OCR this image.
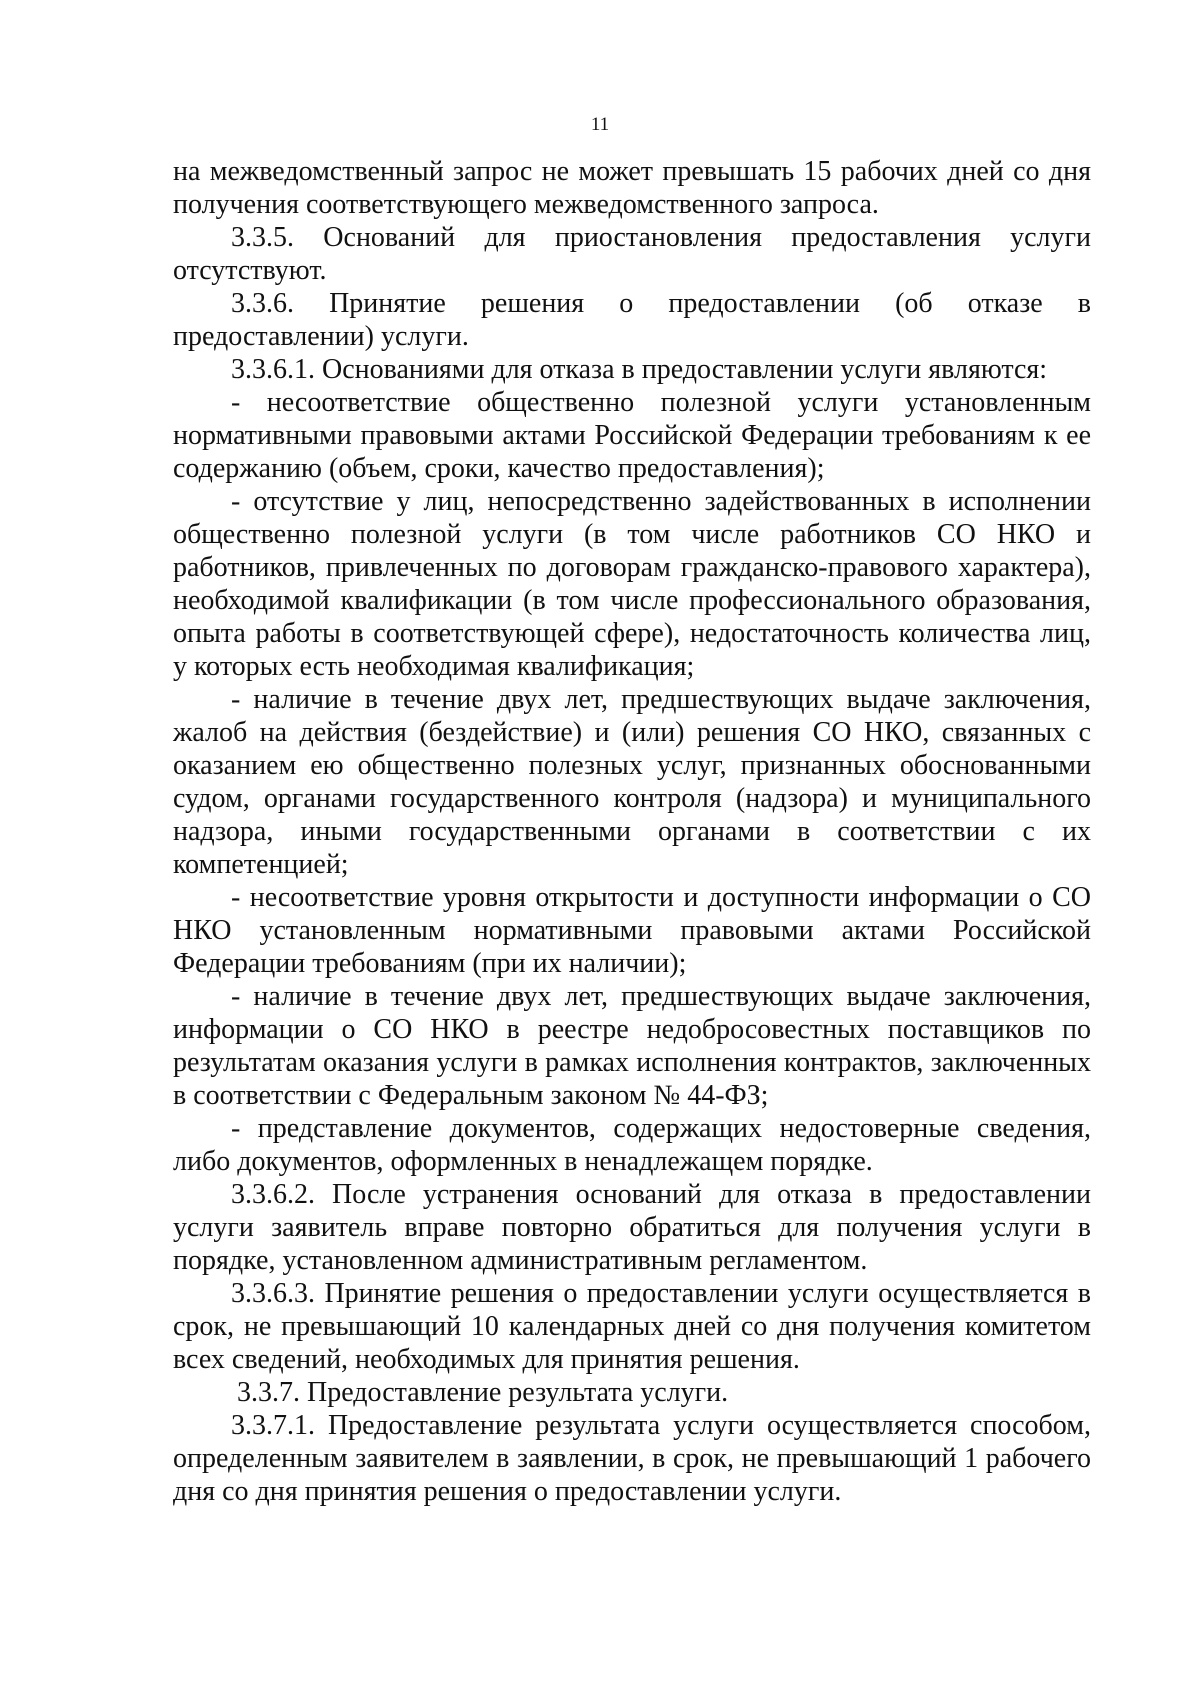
11

на межведомственный запрос не может превышать 15 рабочих дней со дня получения соответствующего межведомственного запроса.

3.3.5. Оснований для приостановления предоставления услуги отсутствуют.

3.3.6. Принятие решения о предоставлении (об отказе в предоставлении) услуги.

3.3.6.1. Основаниями для отказа в предоставлении услуги являются:

- несоответствие общественно полезной услуги установленным нормативными правовыми актами Российской Федерации требованиям к ее содержанию (объем, сроки, качество предоставления);

- отсутствие у лиц, непосредственно задействованных в исполнении общественно полезной услуги (в том числе работников СО НКО и работников, привлеченных по договорам гражданско-правового характера), необходимой квалификации (в том числе профессионального образования, опыта работы в соответствующей сфере), недостаточность количества лиц, у которых есть необходимая квалификация;

- наличие в течение двух лет, предшествующих выдаче заключения, жалоб на действия (бездействие) и (или) решения СО НКО, связанных с оказанием ею общественно полезных услуг, признанных обоснованными судом, органами государственного контроля (надзора) и муниципального надзора, иными государственными органами в соответствии с их компетенцией;

- несоответствие уровня открытости и доступности информации о СО НКО установленным нормативными правовыми актами Российской Федерации требованиям (при их наличии);

- наличие в течение двух лет, предшествующих выдаче заключения, информации о СО НКО в реестре недобросовестных поставщиков по результатам оказания услуги в рамках исполнения контрактов, заключенных в соответствии с Федеральным законом № 44-ФЗ;

- представление документов, содержащих недостоверные сведения, либо документов, оформленных в ненадлежащем порядке.

3.3.6.2. После устранения оснований для отказа в предоставлении услуги заявитель вправе повторно обратиться для получения услуги в порядке, установленном административным регламентом.

3.3.6.3. Принятие решения о предоставлении услуги осуществляется в срок, не превышающий 10 календарных дней со дня получения комитетом всех сведений, необходимых для принятия решения.

3.3.7. Предоставление результата услуги.

3.3.7.1. Предоставление результата услуги осуществляется способом, определенным заявителем в заявлении, в срок, не превышающий 1 рабочего дня со дня принятия решения о предоставлении услуги.
